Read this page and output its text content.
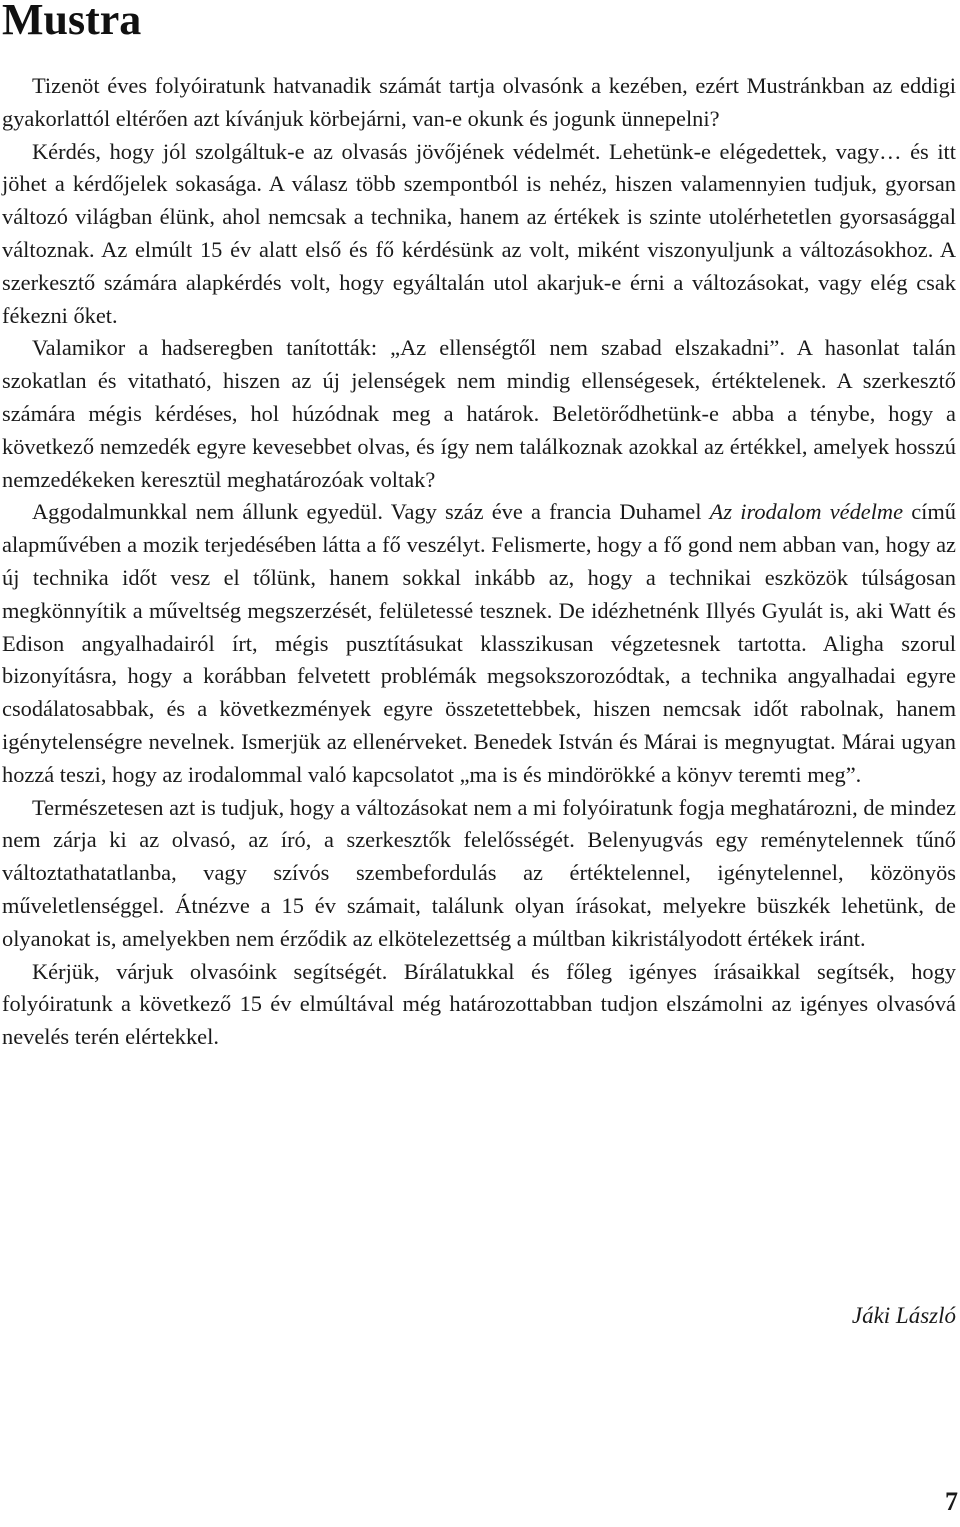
Mustra

Tizenöt éves folyóiratunk hatvanadik számát tartja olvasónk a kezében, ezért Mustránkban az eddigi gyakorlattól eltérően azt kívánjuk körbejárni, van-e okunk és jogunk ünnepelni?

Kérdés, hogy jól szolgáltuk-e az olvasás jövőjének védelmét. Lehetünk-e elégedettek, vagy… és itt jöhet a kérdőjelek sokasága. A válasz több szempontból is nehéz, hiszen valamennyien tudjuk, gyorsan változó világban élünk, ahol nemcsak a technika, hanem az értékek is szinte utolérhetetlen gyorsasággal változnak. Az elmúlt 15 év alatt első és fő kérdésünk az volt, miként viszonyuljunk a változásokhoz. A szerkesztő számára alapkérdés volt, hogy egyáltalán utol akarjuk-e érni a változásokat, vagy elég csak fékezni őket.

Valamikor a hadseregben tanították: „Az ellenségtől nem szabad elszakadni”. A hasonlat talán szokatlan és vitatható, hiszen az új jelenségek nem mindig ellenségesek, értéktelenek. A szerkesztő számára mégis kérdéses, hol húzódnak meg a határok. Beletörődhetünk-e abba a ténybe, hogy a következő nemzedék egyre kevesebbet olvas, és így nem találkoznak azokkal az értékkel, amelyek hosszú nemzedékeken keresztül meghatározóak voltak?

Aggodalmunkkal nem állunk egyedül. Vagy száz éve a francia Duhamel Az irodalom védelme című alapművében a mozik terjedésében látta a fő veszélyt. Felismerte, hogy a fő gond nem abban van, hogy az új technika időt vesz el tőlünk, hanem sokkal inkább az, hogy a technikai eszközök túlságosan megkönnyítik a műveltség megszerzését, felületessé tesznek. De idézhetnénk Illyés Gyulát is, aki Watt és Edison angyalhadairól írt, mégis pusztításukat klasszikusan végzetesnek tartotta. Aligha szorul bizonyításra, hogy a korábban felvetett problémák megsokszorozódtak, a technika angyalhadai egyre csodálatosabbak, és a következmények egyre összetettebbek, hiszen nemcsak időt rabolnak, hanem igénytelenségre nevelnek. Ismerjük az ellenérveket. Benedek István és Márai is megnyugtat. Márai ugyan hozzá teszi, hogy az irodalommal való kapcsolatot „ma is és mindörökké a könyv teremti meg”.

Természetesen azt is tudjuk, hogy a változásokat nem a mi folyóiratunk fogja meghatározni, de mindez nem zárja ki az olvasó, az író, a szerkesztők felelősségét. Belenyugvás egy reménytelennek tűnő változtathatatlanba, vagy szívós szembefordulás az értéktelennel, igénytelennel, közönyös műveletlenséggel. Átnézve a 15 év számait, találunk olyan írásokat, melyekre büszkék lehetünk, de olyanokat is, amelyekben nem érződik az elkötelezettség a múltban kikristályodott értékek iránt.

Kérjük, várjuk olvasóink segítségét. Bírálatukkal és főleg igényes írásaikkal segítsék, hogy folyóiratunk a következő 15 év elmúltával még határozottabban tudjon elszámolni az igényes olvasóvá nevelés terén elértekkel.

Jáki László
7
